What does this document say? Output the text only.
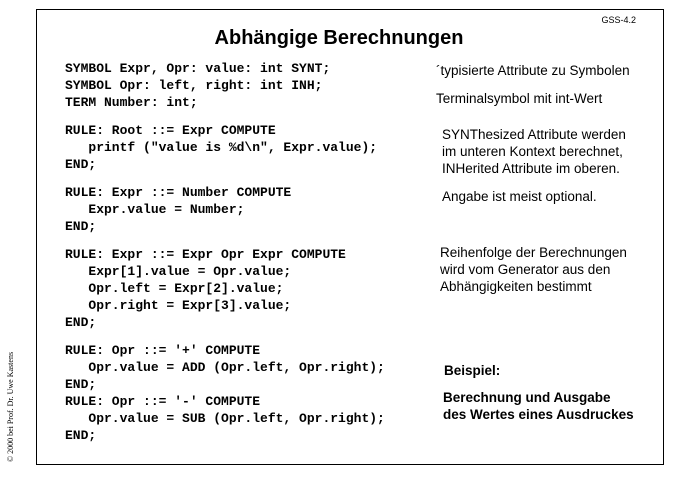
© 2000 bei Prof. Dr. Uwe Kastens
GSS-4.2
Abhängige Berechnungen
SYMBOL Expr, Opr: value: int SYNT;
SYMBOL Opr: left, right: int INH;
TERM Number: int;
RULE: Root ::= Expr COMPUTE
printf ("value is %d\n", Expr.value);
END;
RULE: Expr ::= Number COMPUTE
Expr.value = Number;
END;
RULE: Expr ::= Expr Opr Expr COMPUTE
Expr[1].value = Opr.value;
Opr.left = Expr[2].value;
Opr.right = Expr[3].value;
END;
RULE: Opr ::= '+' COMPUTE
Opr.value = ADD (Opr.left, Opr.right);
END;
RULE: Opr ::= '-' COMPUTE
Opr.value = SUB (Opr.left, Opr.right);
END;
´typisierte Attribute zu Symbolen
Terminalsymbol mit int-Wert
SYNThesized Attribute werden
im unteren Kontext berechnet,
INHerited Attribute im oberen.
Angabe ist meist optional.
Reihenfolge der Berechnungen
wird vom Generator aus den
Abhängigkeiten bestimmt
Beispiel:
Berechnung und Ausgabe
des Wertes eines Ausdruckes
